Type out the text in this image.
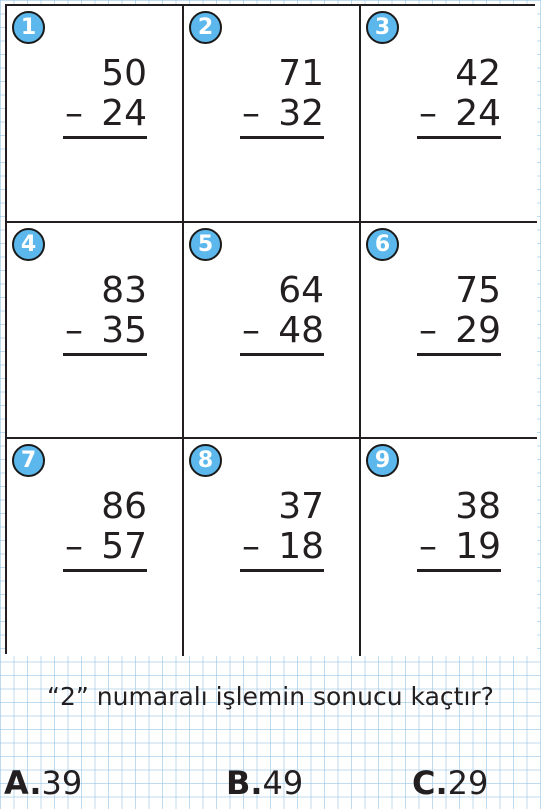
1
50
– 24
2
71
– 32
3
42
– 24
4
83
– 35
5
64
– 48
6
75
– 29
7
86
– 57
8
37
– 18
9
38
– 19
“2” numaralı işlemin sonucu kaçtır?
A.39	B.49	C.29
